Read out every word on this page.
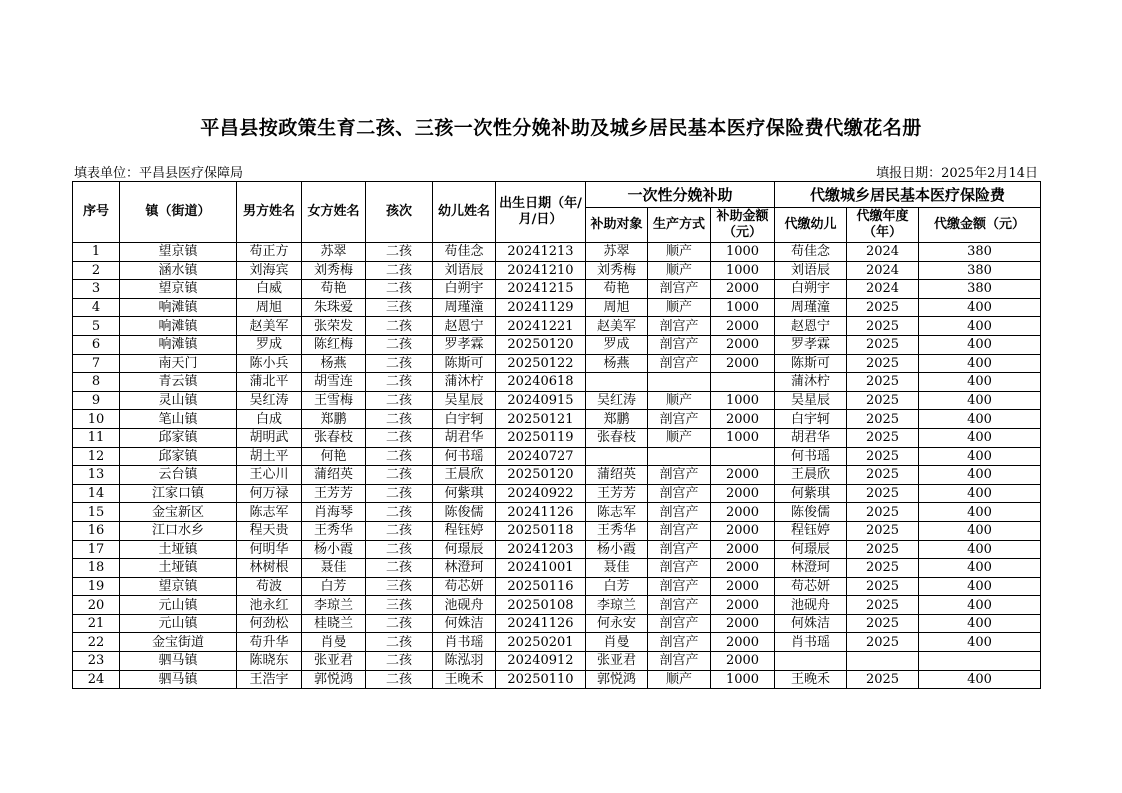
平昌县按政策生育二孩、三孩一次性分娩补助及城乡居民基本医疗保险费代缴花名册
填表单位：平昌县医疗保障局	填报日期：2025年2月14日
序号	镇（街道）	男方姓名	女方姓名	孩次	幼儿姓名	出生日期（年/月/日）	一次性分娩补助			代缴城乡居民基本医疗保险费		
							补助对象	生产方式	补助金额（元）	代缴幼儿	代缴年度（年）	代缴金额（元）
1	望京镇	苟正方	苏翠	二孩	苟佳念	20241213	苏翠	顺产	1000	苟佳念	2024	380
2	涵水镇	刘海宾	刘秀梅	二孩	刘语辰	20241210	刘秀梅	顺产	1000	刘语辰	2024	380
3	望京镇	白威	苟艳	二孩	白朔宇	20241215	苟艳	剖宫产	2000	白朔宇	2024	380
4	响滩镇	周旭	朱珠爱	三孩	周瑾潼	20241129	周旭	顺产	1000	周瑾潼	2025	400
5	响滩镇	赵美军	张荣发	二孩	赵恩宁	20241221	赵美军	剖宫产	2000	赵恩宁	2025	400
6	响滩镇	罗成	陈红梅	二孩	罗孝霖	20250120	罗成	剖宫产	2000	罗孝霖	2025	400
7	南天门	陈小兵	杨燕	二孩	陈斯可	20250122	杨燕	剖宫产	2000	陈斯可	2025	400
8	青云镇	蒲北平	胡雪连	二孩	蒲沐柠	20240618				蒲沐柠	2025	400
9	灵山镇	吴红涛	王雪梅	二孩	吴星辰	20240915	吴红涛	顺产	1000	吴星辰	2025	400
10	笔山镇	白成	郑鹏	二孩	白宇轲	20250121	郑鹏	剖宫产	2000	白宇轲	2025	400
11	邱家镇	胡明武	张春枝	二孩	胡君华	20250119	张春枝	顺产	1000	胡君华	2025	400
12	邱家镇	胡土平	何艳	二孩	何书瑶	20240727				何书瑶	2025	400
13	云台镇	王心川	蒲绍英	二孩	王晨欣	20250120	蒲绍英	剖宫产	2000	王晨欣	2025	400
14	江家口镇	何万禄	王芳芳	二孩	何紫琪	20240922	王芳芳	剖宫产	2000	何紫琪	2025	400
15	金宝新区	陈志军	肖海琴	二孩	陈俊儒	20241126	陈志军	剖宫产	2000	陈俊儒	2025	400
16	江口水乡	程天贵	王秀华	二孩	程钰婷	20250118	王秀华	剖宫产	2000	程钰婷	2025	400
17	土垭镇	何明华	杨小霞	二孩	何璟辰	20241203	杨小霞	剖宫产	2000	何璟辰	2025	400
18	土垭镇	林树根	聂佳	二孩	林澄珂	20241001	聂佳	剖宫产	2000	林澄珂	2025	400
19	望京镇	苟波	白芳	三孩	苟芯妍	20250116	白芳	剖宫产	2000	苟芯妍	2025	400
20	元山镇	池永红	李琼兰	三孩	池砚舟	20250108	李琼兰	剖宫产	2000	池砚舟	2025	400
21	元山镇	何劲松	桂晓兰	二孩	何姝洁	20241126	何永安	剖宫产	2000	何姝洁	2025	400
22	金宝街道	苟升华	肖曼	二孩	肖书瑶	20250201	肖曼	剖宫产	2000	肖书瑶	2025	400
23	驷马镇	陈晓东	张亚君	二孩	陈泓羽	20240912	张亚君	剖宫产	2000			
24	驷马镇	王浩宇	郭悦鸿	二孩	王晚禾	20250110	郭悦鸿	顺产	1000	王晚禾	2025	400
